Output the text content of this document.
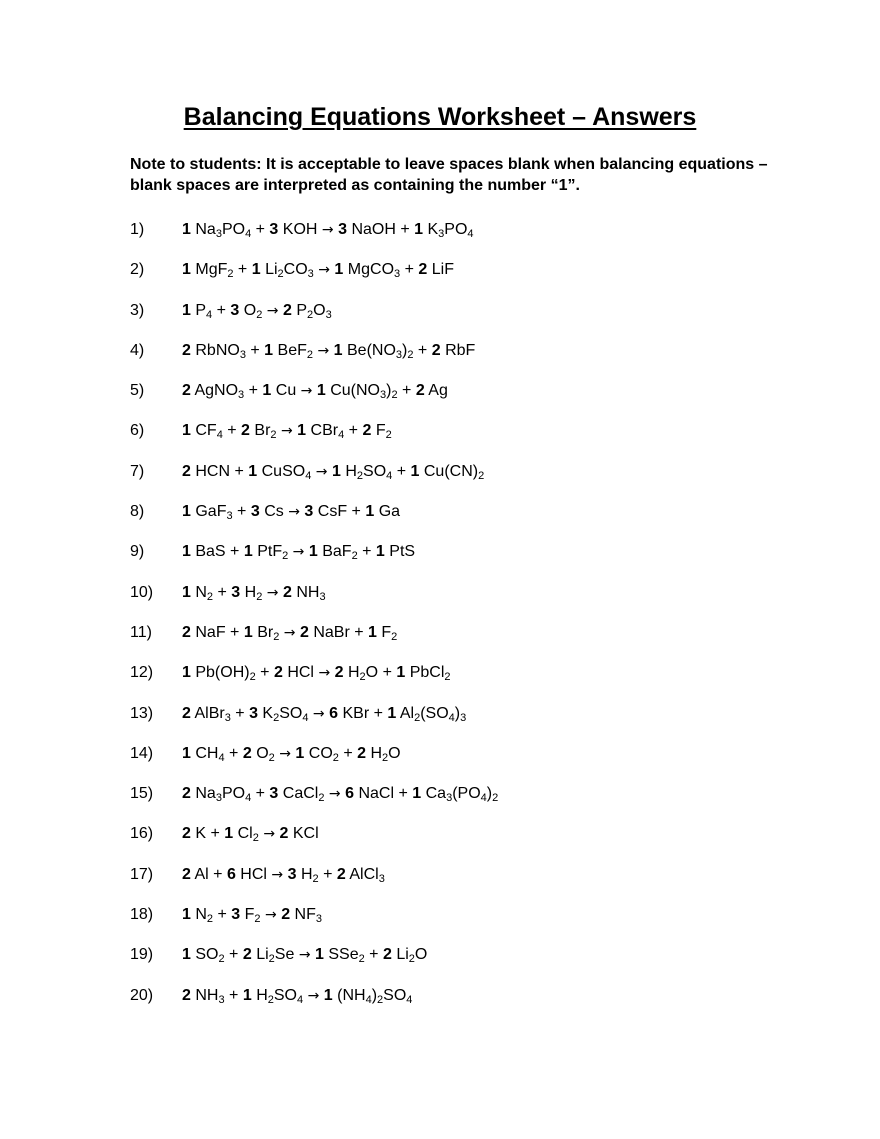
Balancing Equations Worksheet – Answers

Note to students: It is acceptable to leave spaces blank when balancing equations – blank spaces are interpreted as containing the number “1”.

1)	1 $Na_3PO_4 + 3$ KOH → 3 NaOH + 1 $K_3PO_4$
2)	1 MgF$_2$ + 1 $Li_2CO_3 \to 1$ MgCO$_3$ + 2 LiF
3)	1 $P_4 + 3$ $O_2 \to 2$ $P_2O_3$
4)	2 RbNO$_3$ + 1 BeF$_2$ → 1 $Be(NO_3)_2 + 2$ RbF
5)	2 AgNO$_3$ + 1 Cu → 1 $Cu(NO_3)_2 + 2$ Ag
6)	1 $CF_4 + 2$ $Br_2 \to 1$ CBr$_4$ + 2 $F_2$
7)	2 HCN + 1 CuSO$_4$ → 1 $H_2SO_4 + 1$ $Cu(CN)_2$
8)	1 GaF$_3$ + 3 Cs → 3 CsF + 1 Ga
9)	1 BaS + 1 PtF$_2$ → 1 BaF$_2$ + 1 PtS
10)	1 $N_2 + 3$ $H_2 \to 2$ $NH_3$
11)	2 NaF + 1 $Br_2 \to 2$ NaBr + 1 $F_2$
12)	1 $Pb(OH)_2 + 2$ HCl → 2 $H_2O + 1$ PbCl$_2$
13)	2 AlBr$_3$ + 3 $K_2SO_4 \to 6$ KBr + 1 $Al_2(SO_4)_3$
14)	1 $CH_4 + 2$ $O_2 \to 1$ $CO_2 + 2$ $H_2O$
15)	2 $Na_3PO_4 + 3$ CaCl$_2$ → 6 NaCl + 1 $Ca_3(PO_4)_2$
16)	2 K + 1 $Cl_2 \to 2$ KCl
17)	2 Al + 6 HCl → 3 $H_2 + 2$ AlCl$_3$
18)	1 $N_2 + 3$ $F_2 \to 2$ $NF_3$
19)	1 $SO_2 + 2$ $Li_2Se \to 1$ SSe$_2$ + 2 $Li_2O$
20)	2 $NH_3 + 1$ $H_2SO_4 \to 1$ $(NH_4)_2SO_4$
